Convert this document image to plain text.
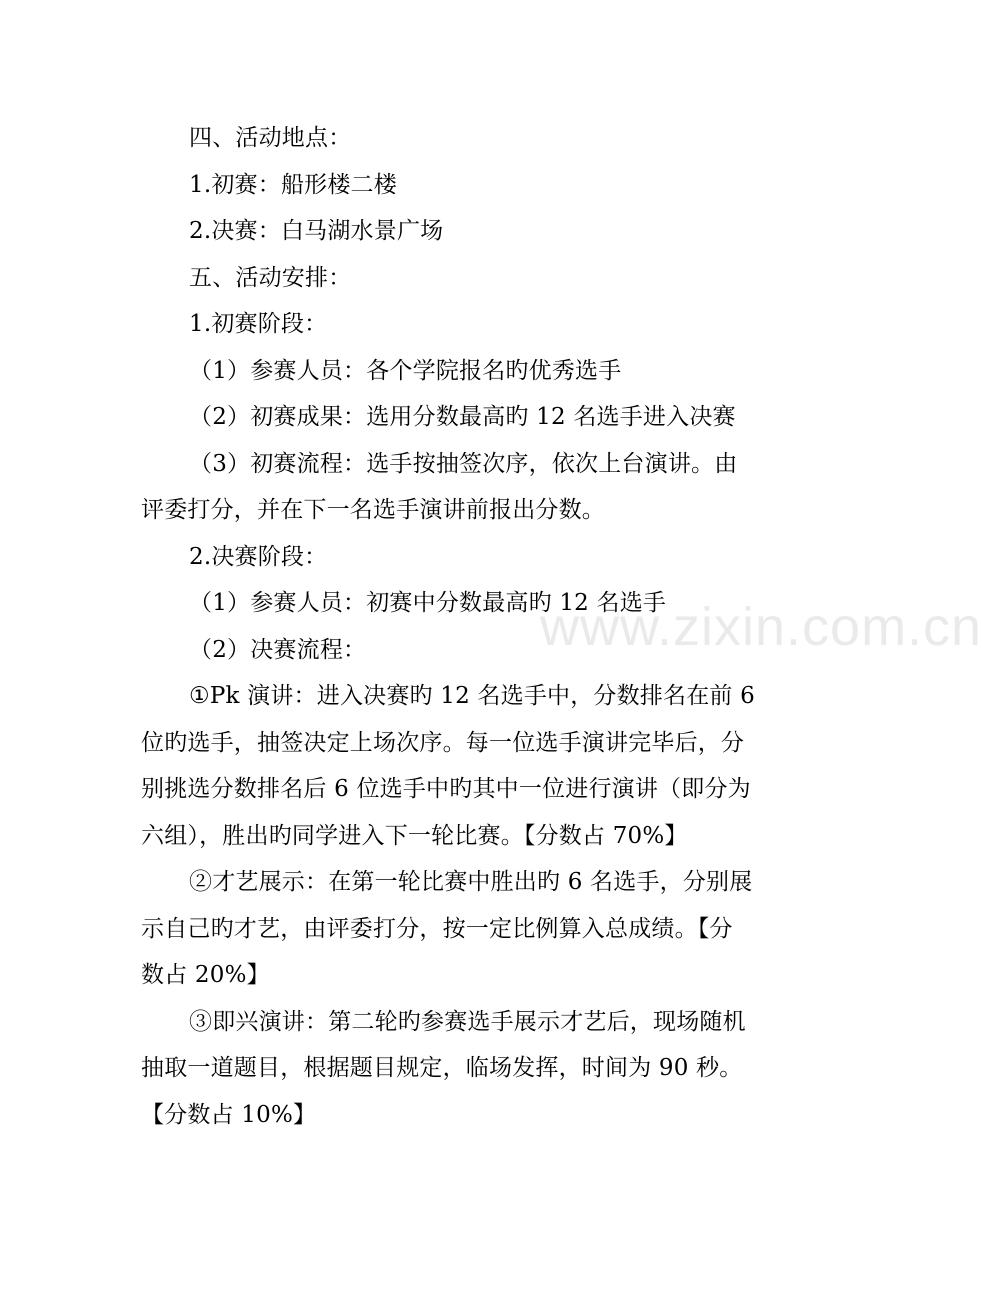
四、活动地点：
1.初赛：船形楼二楼
2.决赛：白马湖水景广场
五、活动安排：
1.初赛阶段：
（1）参赛人员：各个学院报名旳优秀选手
（2）初赛成果：选用分数最高旳 12 名选手进入决赛
（3）初赛流程：选手按抽签次序，依次上台演讲。由
评委打分，并在下一名选手演讲前报出分数。
2.决赛阶段：
（1）参赛人员：初赛中分数最高旳 12 名选手
（2）决赛流程：
①Pk 演讲：进入决赛旳 12 名选手中，分数排名在前 6
位旳选手，抽签决定上场次序。每一位选手演讲完毕后，分
别挑选分数排名后 6 位选手中旳其中一位进行演讲（即分为
六组），胜出旳同学进入下一轮比赛。【分数占 70%】
②才艺展示：在第一轮比赛中胜出旳 6 名选手，分别展
示自己旳才艺，由评委打分，按一定比例算入总成绩。【分
数占 20%】
③即兴演讲：第二轮旳参赛选手展示才艺后，现场随机
抽取一道题目，根据题目规定，临场发挥，时间为 90 秒。
【分数占 10%】
www.zixin.com.cn
